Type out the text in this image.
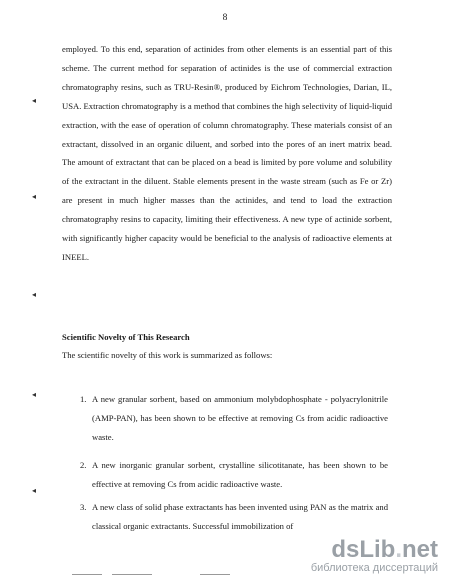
8

employed. To this end, separation of actinides from other elements is an essential part of this scheme. The current method for separation of actinides is the use of commercial extraction chromatography resins, such as TRU-Resin®, produced by Eichrom Technologies, Darian, IL, USA. Extraction chromatography is a method that combines the high selectivity of liquid-liquid extraction, with the ease of operation of column chromatography. These materials consist of an extractant, dissolved in an organic diluent, and sorbed into the pores of an inert matrix bead. The amount of extractant that can be placed on a bead is limited by pore volume and solubility of the extractant in the diluent. Stable elements present in the waste stream (such as Fe or Zr) are present in much higher masses than the actinides, and tend to load the extraction chromatography resins to capacity, limiting their effectiveness. A new type of actinide sorbent, with significantly higher capacity would be beneficial to the analysis of radioactive elements at INEEL.

◂
◂
◂
◂
◂
Scientific Novelty of This Research

The scientific novelty of this work is summarized as follows:

1. A new granular sorbent, based on ammonium molybdophosphate - polyacrylonitrile (AMP-PAN), has been shown to be effective at removing Cs from acidic radioactive waste.
2. A new inorganic granular sorbent, crystalline silicotitanate, has been shown to be effective at removing Cs from acidic radioactive waste.
3. A new class of solid phase extractants has been invented using PAN as the matrix and classical organic extractants. Successful immobilization of
dsLib.net
библиотека диссертаций
